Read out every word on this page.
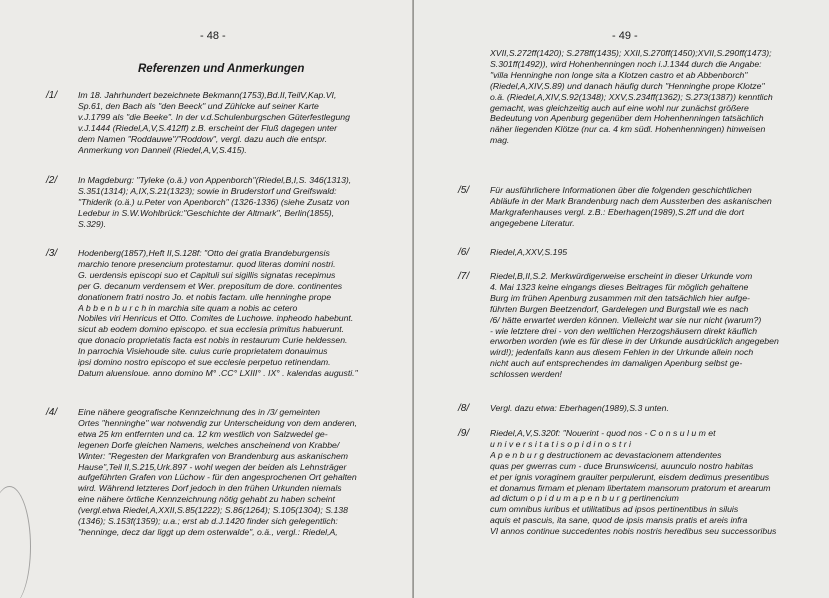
- 48 -
Referenzen und Anmerkungen
/1/ Im 18. Jahrhundert bezeichnete Bekmann(1753),Bd.II,TeilV,Kap.VI,
Sp.61, den Bach als "den Beeck" und Zühlcke auf seiner Karte
v.J.1799 als "die Beeke". In der v.d.Schulenburgschen Güterfestlegung
v.J.1444 (Riedel,A,V,S.412ff) z.B. erscheint der Fluß dagegen unter
dem Namen "Roddauwe"/"Roddow", vergl. dazu auch die entspr.
Anmerkung von Danneil (Riedel,A,V,S.415).
/2/ In Magdeburg: "Tyleke (o.ä.) von Appenborch"(Riedel,B,I,S. 346(1313),
S.351(1314); A,IX,S.21(1323); sowie in Bruderstorf und Greifswald:
"Thiderik (o.ä.) u.Peter von Apenborch" (1326-1336) (siehe Zusatz von
Ledebur in S.W.Wohlbrück:"Geschichte der Altmark", Berlin(1855),
S.329).
/3/ Hodenberg(1857),Heft II,S.128f: "Otto dei gratia Brandeburgensis
marchio tenore presencium protestamur. quod literas domini nostri.
G. uerdensis episcopi suo et Capituli sui sigillis signatas recepimus
per G. decanum verdensem et Wer. prepositum de dore. continentes
donationem fratri nostro Jo. et nobis factam. ulle henninghe prope
A b b e n b u r c h in marchia site quam a nobis ac cetero
Nobiles viri Henricus et Otto. Comites de Luchowe. inpheodo habebunt.
sicut ab eodem domino episcopo. et sua ecclesia primitus habuerunt.
que donacio proprietatis facta est nobis in restaurum Curie heldessen.
In parrochia Visiehoude site. cuius curie proprietatem donauimus
ipsi domino nostro episcopo et sue ecclesie perpetuo retinendam.
Datum aluensloue. anno domino M° .CC° LXIII° . IX° . kalendas augusti."
/4/ Eine nähere geografische Kennzeichnung des in /3/ gemeinten
Ortes "henninghe" war notwendig zur Unterscheidung von dem anderen,
etwa 25 km entfernten und ca. 12 km westlich von Salzwedel ge-
legenen Dorfe gleichen Namens, welches anscheinend von Krabbe/
Winter: "Regesten der Markgrafen von Brandenburg aus askanischem
Hause",Teil II,S.215,Urk.897 - wohl wegen der beiden als Lehnsträger
aufgeführten Grafen von Lüchow - für den angesprochenen Ort gehalten
wird. Während letzteres Dorf jedoch in den frühen Urkunden niemals
eine nähere örtliche Kennzeichnung nötig gehabt zu haben scheint
(vergl.etwa Riedel,A,XXII,S.85(1222); S.86(1264); S.105(1304); S.138
(1346); S.153f(1359); u.a.; erst ab d.J.1420 finder sich gelegentlich:
"henninge, decz dar liggt up dem osterwalde", o.ä., vergl.: Riedel,A,
- 49 -
XVII,S.272ff(1420); S.278ff(1435); XXII,S.270ff(1450);XVII,S.290ff(1473);
S.301ff(1492)), wird Hohenhenningen noch i.J.1344 durch die Angabe:
"villa Henninghe non longe sita a Klotzen castro et ab Abbenborch"
(Riedel,A,XIV,S.89) und danach häufig durch "Henninghe prope Klotze"
o.ä. (Riedel,A,XIV,S.92(1348); XXV,S.234ff(1362); S.273(1387)) kenntlich
gemacht, was gleichzeitig auch auf eine wohl nur zunächst größere
Bedeutung von Apenburg gegenüber dem Hohenhenningen tatsächlich
näher liegenden Klötze (nur ca. 4 km südl. Hohenhenningen) hinweisen
mag.
/5/ Für ausführlichere Informationen über die folgenden geschichtlichen
Abläufe in der Mark Brandenburg nach dem Aussterben des askanischen
Markgrafenhauses vergl. z.B.: Eberhagen(1989),S.2ff und die dort
angegebene Literatur.
/6/ Riedel,A,XXV,S.195
/7/ Riedel,B,II,S.2. Merkwürdigerweise erscheint in dieser Urkunde vom
4. Mai 1323 keine eingangs dieses Beitrages für möglich gehaltene
Burg im frühen Apenburg zusammen mit den tatsächlich hier aufge-
führten Burgen Beetzendorf, Gardelegen und Burgstall wie es nach
/6/ hätte erwartet werden können. Vielleicht war sie nur nicht (warum?)
- wie letztere drei - von den weltlichen Herzogshäusern direkt käuflich
erworben worden (wie es für diese in der Urkunde ausdrücklich angegeben
wird!); jedenfalls kann aus diesem Fehlen in der Urkunde allein noch
nicht auch auf entsprechendes im damaligen Apenburg selbst ge-
schlossen werden!
/8/ Vergl. dazu etwa: Eberhagen(1989),S.3 unten.
/9/ Riedel,A,V,S.320f: "Nouerint - quod nos - C o n s u l u m et
u n i v e r s i t a t i s o p i d i n o s t r i
A p e n b u r g destructionem ac devastacionem attendentes
quas per gwerras cum - duce Brunswicensi, auunculo nostro habitas
et per ignis voraginem grauiter perpulerunt, eisdem dedimus presentibus
et donamus firmam et plenam libertatem mansorum pratorum et arearum
ad dictum o p i d u m a p e n b u r g pertinencium
cum omnibus iuribus et utilitatibus ad ipsos pertinentibus in siluis
aquis et pascuis, ita sane, quod de ipsis mansis pratis et areis infra
VI annos continue succedentes nobis nostris heredibus seu successoribus
